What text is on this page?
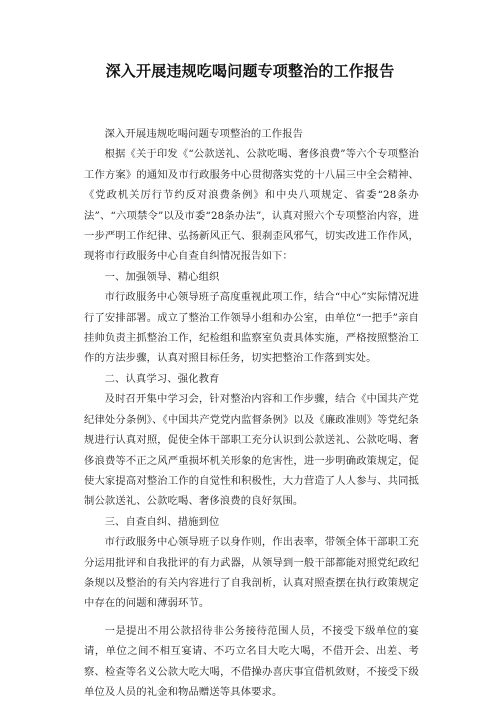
深入开展违规吃喝问题专项整治的工作报告

深入开展违规吃喝问题专项整治的工作报告

根据《关于印发《“公款送礼、公款吃喝、奢侈浪费”等六个专项整治工作方案》的通知及市行政服务中心贯彻落实党的十八届三中全会精神、《党政机关厉行节约反对浪费条例》和中央八项规定、省委“28条办法”、“六项禁令”以及市委“28条办法”，认真对照六个专项整治内容，进一步严明工作纪律、弘扬新风正气、狠刹歪风邪气，切实改进工作作风，现将市行政服务中心自查自纠情况报告如下：

一、加强领导、精心组织

市行政服务中心领导班子高度重视此项工作，结合“中心”实际情况进行了安排部署。成立了整治工作领导小组和办公室，由单位“一把手”亲自挂帅负责主抓整治工作，纪检组和监察室负责具体实施，严格按照整治工作的方法步骤，认真对照目标任务，切实把整治工作落到实处。

二、认真学习、强化教育

及时召开集中学习会，针对整治内容和工作步骤，结合《中国共产党纪律处分条例》、《中国共产党党内监督条例》以及《廉政准则》等党纪条规进行认真对照，促使全体干部职工充分认识到公款送礼、公款吃喝、奢侈浪费等不正之风严重损坏机关形象的危害性，进一步明确政策规定，促使大家提高对整治工作的自觉性和积极性，大力营造了人人参与、共同抵制公款送礼、公款吃喝、奢侈浪费的良好氛围。

三、自查自纠、措施到位

市行政服务中心领导班子以身作则，作出表率，带领全体干部职工充分运用批评和自我批评的有力武器，从领导到一般干部都能对照党纪政纪条规以及整治的有关内容进行了自我剖析，认真对照查摆在执行政策规定中存在的问题和薄弱环节。

一是提出不用公款招待非公务接待范围人员，不接受下级单位的宴请，单位之间不相互宴请、不巧立名目大吃大喝，不借开会、出差、考察、检查等名义公款大吃大喝，不借操办喜庆事宜借机敛财，不接受下级单位及人员的礼金和物品赠送等具体要求。
